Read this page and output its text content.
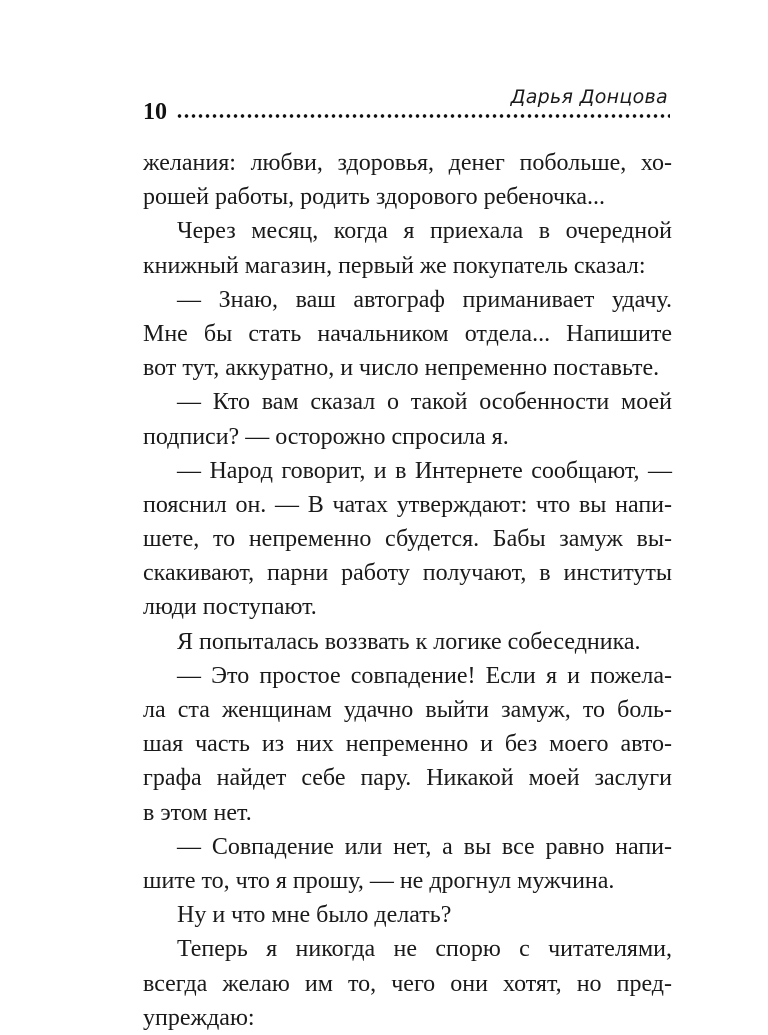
Дарья Донцова
10
желания: любви, здоровья, денег побольше, хо-
рошей работы, родить здорового ребеночка...
Через месяц, когда я приехала в очередной
книжный магазин, первый же покупатель сказал:
— Знаю, ваш автограф приманивает удачу.
Мне бы стать начальником отдела... Напишите
вот тут, аккуратно, и число непременно поставьте.
— Кто вам сказал о такой особенности моей
подписи? — осторожно спросила я.
— Народ говорит, и в Интернете сообщают, —
пояснил он. — В чатах утверждают: что вы напи-
шете, то непременно сбудется. Бабы замуж вы-
скакивают, парни работу получают, в институты
люди поступают.
Я попыталась воззвать к логике собеседника.
— Это простое совпадение! Если я и пожела-
ла ста женщинам удачно выйти замуж, то боль-
шая часть из них непременно и без моего авто-
графа найдет себе пару. Никакой моей заслуги
в этом нет.
— Совпадение или нет, а вы все равно напи-
шите то, что я прошу, — не дрогнул мужчина.
Ну и что мне было делать?
Теперь я никогда не спорю с читателями,
всегда желаю им то, чего они хотят, но пред-
упреждаю:
